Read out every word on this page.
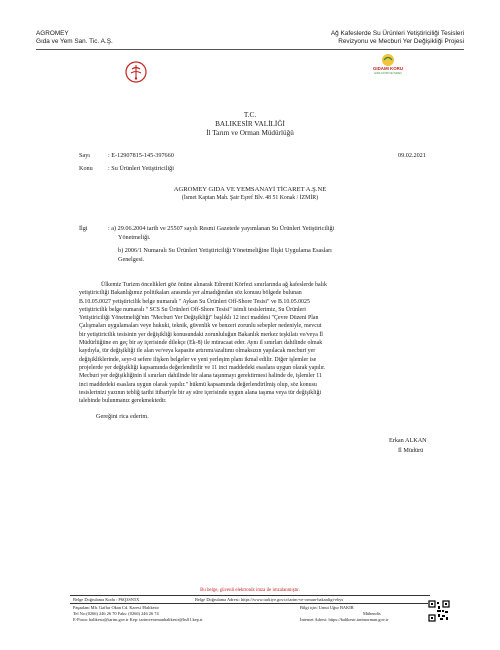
AGROMEY
Gıda ve Yem San. Tic. A.Ş.
Ağ Kafeslerde Su Ürünleri Yetiştiriciliği Tesisleri
Revizyonu ve Mecburi Yer Değişikliği Projesi
GIDAMI KORU
GIDA KAYBI VE İSRAFI
T.C.
BALIKESİR VALİLİĞİ
İl Tarım ve Orman Müdürlüğü
Sayı	: E-12907815-145-397660	09.02.2021
Konu : Su Ürünleri Yetiştiriciliği
AGROMEY GIDA VE YEMSANAYİ TİCARET A.Ş.NE
(İsmet Kaptan Mah. Şair Eşref Blv. 48 51 Konak / İZMİR)
İlgi	: a) 29.06.2004 tarih ve 25507 sayılı Resmi Gazetede yayımlanan Su Ürünleri Yetiştiriciliği
Yönetmeliği.
b) 2006/1 Numaralı Su Ürünleri Yetiştiriciliği Yönetmeliğine İlişki Uygulama Esasları
Genelgesi.
Ülkemiz Turizm öncelikleri göz önüne alınarak Edremit Körfezi sınırlarında ağ kafeslerde balık
yetiştiriciliği Bakanlığımız politikaları arasında yer almadığından söz konusu bölgede bulunan
B.10.05.0027 yetiştiricilik belge numaralı " Aykan Su Ürünleri Off-Shore Tesisi" ve B.10.05.0025
yetiştiricilik belge numaralı " SCS Su Ürünleri Off-Shore Tesisi" isimli tesislerimiz, Su Ürünleri
Yetiştiriciliği Yönetmeliği'nin "Mecburi Yer Değişikliği" başlıklı 12 inci maddesi "Çevre Düzeni Plan
Çalışmaları uygulamaları veye hukuki, teknik, güvenlik ve benzeri zorunlu sebepler nedeniyle, mevcut
bir yetiştiricilik tesisinin yer değişikliği konusundaki zorunluluğun Bakanlık merkez teşkilatı ve/veya İl
Müdürlüğüne en geç bir ay içerisinde dilekçe (Ek-8) ile müracaat eder. Aynı il sınırları dahilinde olmak
kaydıyla, tür değişikliği ile alan ve/veya kapasite artırımı/azaltımı olmaksızın yapılacak mecburi yer
değişikliklerinde, seyr-ü sefere ilişken belgeler ve yeni yerleşim planı ikmal edilir. Diğer işlemler ise
projelerde yer değişikliği kapsamında değerlendirilir ve 11 inci maddedeki esaslara uygun olarak yapılır.
Mecburi yer değişikliğinin il sınırları dahilinde bir alana taşınmayı gerektirmesi halinde de, işlemler 11
inci maddedeki esaslara uygun olarak yapılır." hükmü kapsamında değerlendirilmiş olup, söz konusu
tesislerinizi yazının tebliğ tarihi itibariyle bir ay süre içerisinde uygun alana taşıma veya tür değişikliği
talebinde bulunmanız gerekmektedir.
Gereğini rica ederim.
Erkan ALKAN
İl Müdürü
Bu belge, güvenli elektronik imza ile imzalanmıştır.
Belge Doğrulama Kodu : P6Q3SN5X	Belge Doğrulama Adresi: https://www.turkiye.gov.tr/tarim-ve-orman-bakanligi-ebys
Paşaalanı Mh. Gaffar Okan Cd. Karesi /Balıkesir	Bilgi için: Umut Uğur BAKIR
Tel No:(0266) 246 26 70 Faks: (0266) 246 26 74	Mühendis
E-Posta: balikesir@tarim.gov.tr Kep: tarimveormanbalikesir@hs01.kep.tr	İnternet Adresi: https://balikesir.tarimorman.gov.tr
